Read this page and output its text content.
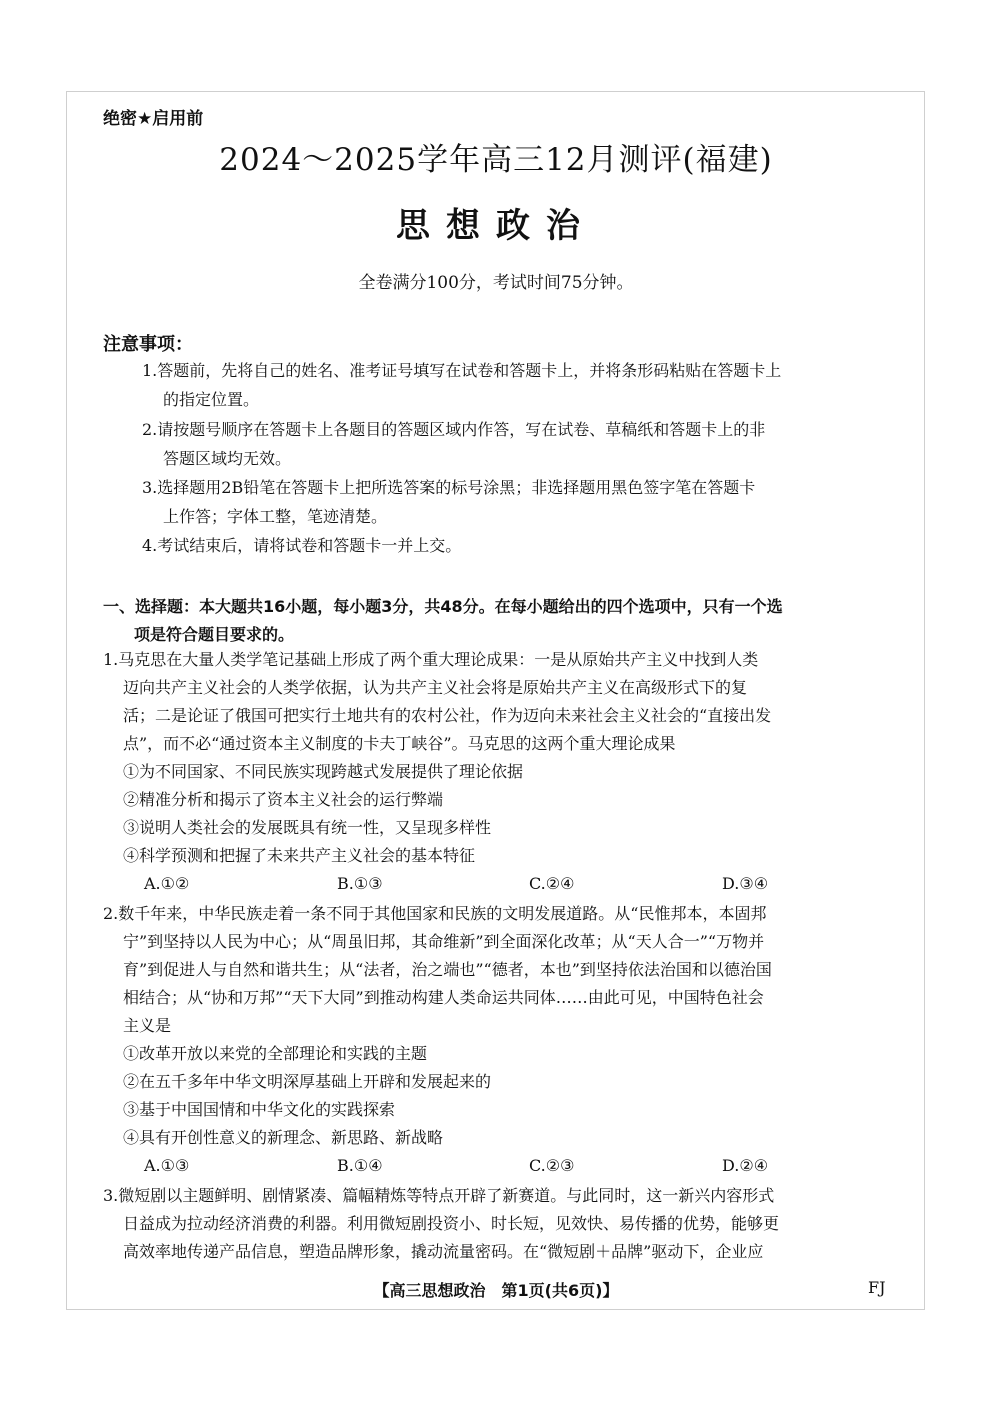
绝密★启用前
2024～2025学年高三12月测评(福建)
思想政治
全卷满分100分，考试时间75分钟。
注意事项：
1.答题前，先将自己的姓名、准考证号填写在试卷和答题卡上，并将条形码粘贴在答题卡上
的指定位置。
2.请按题号顺序在答题卡上各题目的答题区域内作答，写在试卷、草稿纸和答题卡上的非
答题区域均无效。
3.选择题用2B铅笔在答题卡上把所选答案的标号涂黑；非选择题用黑色签字笔在答题卡
上作答；字体工整，笔迹清楚。
4.考试结束后，请将试卷和答题卡一并上交。
一、选择题：本大题共16小题，每小题3分，共48分。在每小题给出的四个选项中，只有一个选
项是符合题目要求的。
1.马克思在大量人类学笔记基础上形成了两个重大理论成果：一是从原始共产主义中找到人类
迈向共产主义社会的人类学依据，认为共产主义社会将是原始共产主义在高级形式下的复
活；二是论证了俄国可把实行土地共有的农村公社，作为迈向未来社会主义社会的“直接出发
点”，而不必“通过资本主义制度的卡夫丁峡谷”。马克思的这两个重大理论成果
①为不同国家、不同民族实现跨越式发展提供了理论依据
②精准分析和揭示了资本主义社会的运行弊端
③说明人类社会的发展既具有统一性，又呈现多样性
④科学预测和把握了未来共产主义社会的基本特征
A.①②	B.①③	C.②④	D.③④
2.数千年来，中华民族走着一条不同于其他国家和民族的文明发展道路。从“民惟邦本，本固邦
宁”到坚持以人民为中心；从“周虽旧邦，其命维新”到全面深化改革；从“天人合一”“万物并
育”到促进人与自然和谐共生；从“法者，治之端也”“德者，本也”到坚持依法治国和以德治国
相结合；从“协和万邦”“天下大同”到推动构建人类命运共同体……由此可见，中国特色社会
主义是
①改革开放以来党的全部理论和实践的主题
②在五千多年中华文明深厚基础上开辟和发展起来的
③基于中国国情和中华文化的实践探索
④具有开创性意义的新理念、新思路、新战略
A.①③	B.①④	C.②③	D.②④
3.微短剧以主题鲜明、剧情紧凑、篇幅精炼等特点开辟了新赛道。与此同时，这一新兴内容形式
日益成为拉动经济消费的利器。利用微短剧投资小、时长短，见效快、易传播的优势，能够更
高效率地传递产品信息，塑造品牌形象，撬动流量密码。在“微短剧＋品牌”驱动下，企业应
【高三思想政治　第1页(共6页)】	FJ
